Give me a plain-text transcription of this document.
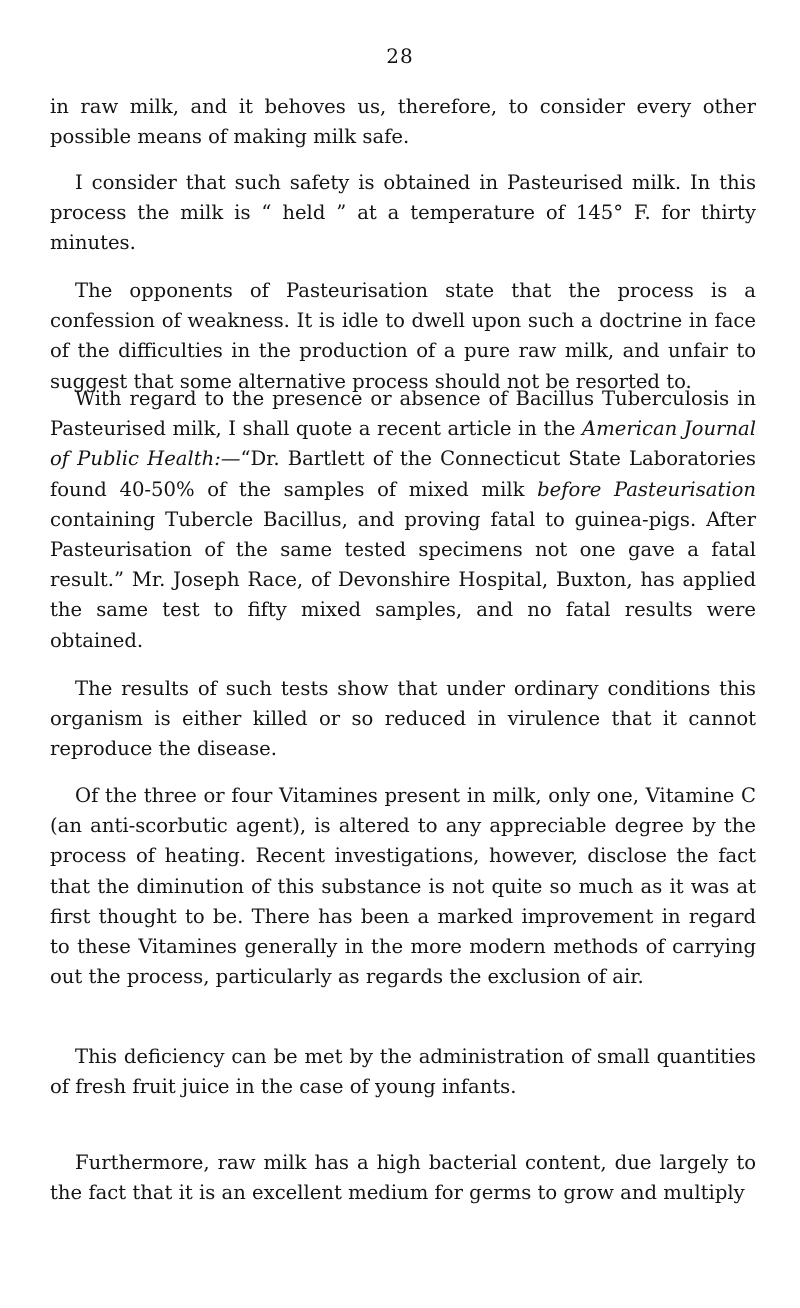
28

in raw milk, and it behoves us, therefore, to consider every other possible means of making milk safe.

I consider that such safety is obtained in Pasteurised milk. In this process the milk is “ held ” at a temperature of 145° F. for thirty minutes.

The opponents of Pasteurisation state that the process is a confession of weakness. It is idle to dwell upon such a doctrine in face of the difficulties in the production of a pure raw milk, and unfair to suggest that some alternative process should not be resorted to.

With regard to the presence or absence of Bacillus Tuberculosis in Pasteurised milk, I shall quote a recent article in the American Journal of Public Health:—“Dr. Bartlett of the Connecticut State Laboratories found 40-50% of the samples of mixed milk before Pasteurisation containing Tubercle Bacillus, and proving fatal to guinea-pigs. After Pasteurisation of the same tested specimens not one gave a fatal result.” Mr. Joseph Race, of Devonshire Hospital, Buxton, has applied the same test to fifty mixed samples, and no fatal results were obtained.

The results of such tests show that under ordinary conditions this organism is either killed or so reduced in virulence that it cannot reproduce the disease.

Of the three or four Vitamines present in milk, only one, Vitamine C (an anti-scorbutic agent), is altered to any appreciable degree by the process of heating. Recent investigations, however, disclose the fact that the diminution of this substance is not quite so much as it was at first thought to be. There has been a marked improvement in regard to these Vitamines generally in the more modern methods of carrying out the process, particularly as regards the exclusion of air.

This deficiency can be met by the administration of small quantities of fresh fruit juice in the case of young infants.

Furthermore, raw milk has a high bacterial content, due largely to the fact that it is an excellent medium for germs to grow and multiply
